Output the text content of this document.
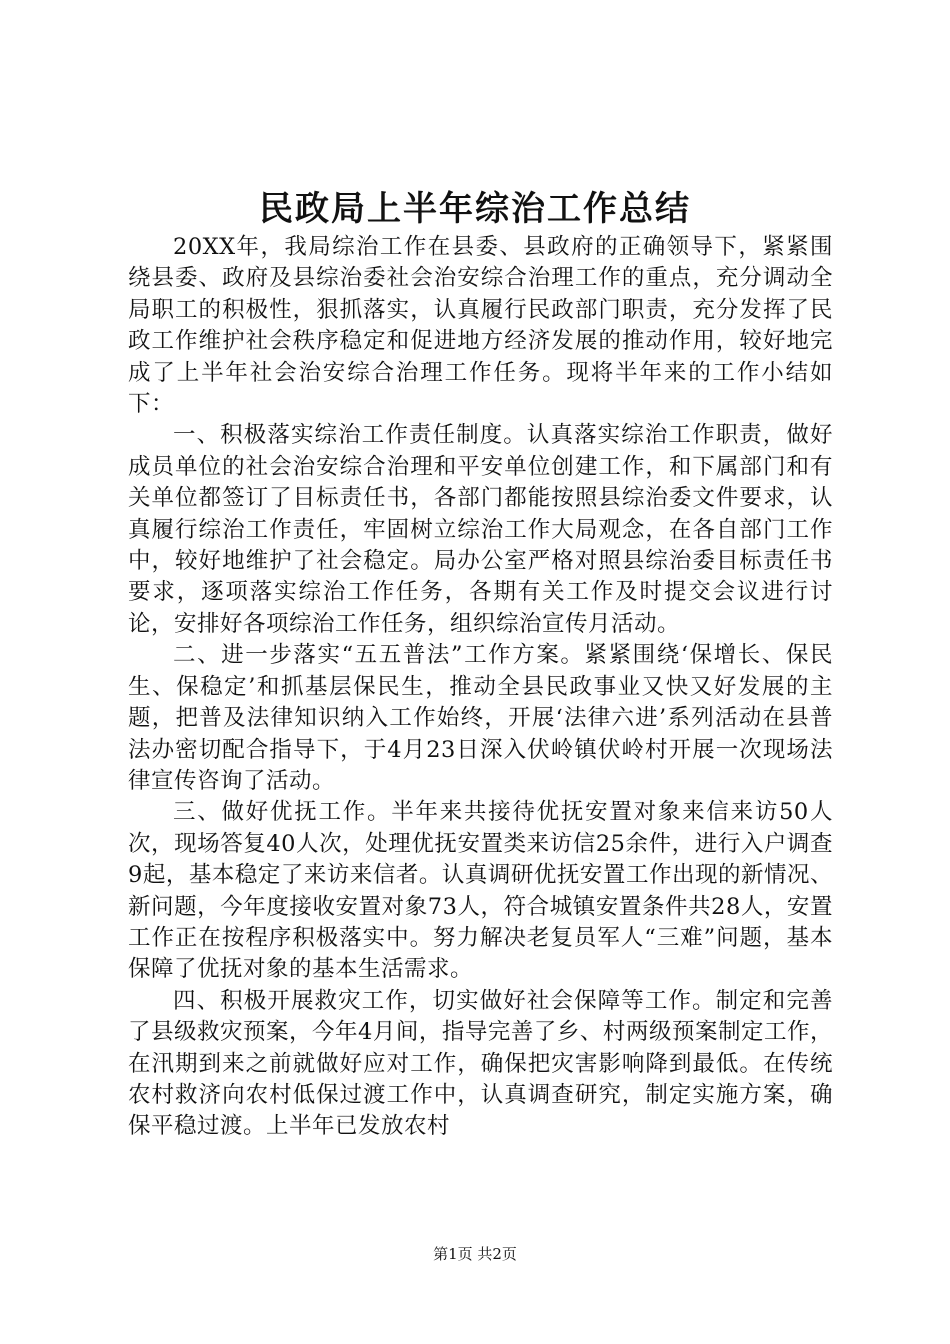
民政局上半年综治工作总结

20XX年，我局综治工作在县委、县政府的正确领导下，紧紧围绕县委、政府及县综治委社会治安综合治理工作的重点，充分调动全局职工的积极性，狠抓落实，认真履行民政部门职责，充分发挥了民政工作维护社会秩序稳定和促进地方经济发展的推动作用，较好地完成了上半年社会治安综合治理工作任务。现将半年来的工作小结如下：

一、积极落实综治工作责任制度。认真落实综治工作职责，做好成员单位的社会治安综合治理和平安单位创建工作，和下属部门和有关单位都签订了目标责任书，各部门都能按照县综治委文件要求，认真履行综治工作责任，牢固树立综治工作大局观念，在各自部门工作中，较好地维护了社会稳定。局办公室严格对照县综治委目标责任书要求，逐项落实综治工作任务，各期有关工作及时提交会议进行讨论，安排好各项综治工作任务，组织综治宣传月活动。

二、进一步落实“五五普法”工作方案。紧紧围绕‘保增长、保民生、保稳定’和抓基层保民生，推动全县民政事业又快又好发展的主题，把普及法律知识纳入工作始终，开展‘法律六进’系列活动在县普法办密切配合指导下，于4月23日深入伏岭镇伏岭村开展一次现场法律宣传咨询了活动。

三、做好优抚工作。半年来共接待优抚安置对象来信来访50人次，现场答复40人次，处理优抚安置类来访信25余件，进行入户调查9起，基本稳定了来访来信者。认真调研优抚安置工作出现的新情况、新问题，今年度接收安置对象73人，符合城镇安置条件共28人，安置工作正在按程序积极落实中。努力解决老复员军人“三难”问题，基本保障了优抚对象的基本生活需求。

四、积极开展救灾工作，切实做好社会保障等工作。制定和完善了县级救灾预案，今年4月间，指导完善了乡、村两级预案制定工作，在汛期到来之前就做好应对工作，确保把灾害影响降到最低。在传统农村救济向农村低保过渡工作中，认真调查研究，制定实施方案，确保平稳过渡。上半年已发放农村

第1页 共2页
